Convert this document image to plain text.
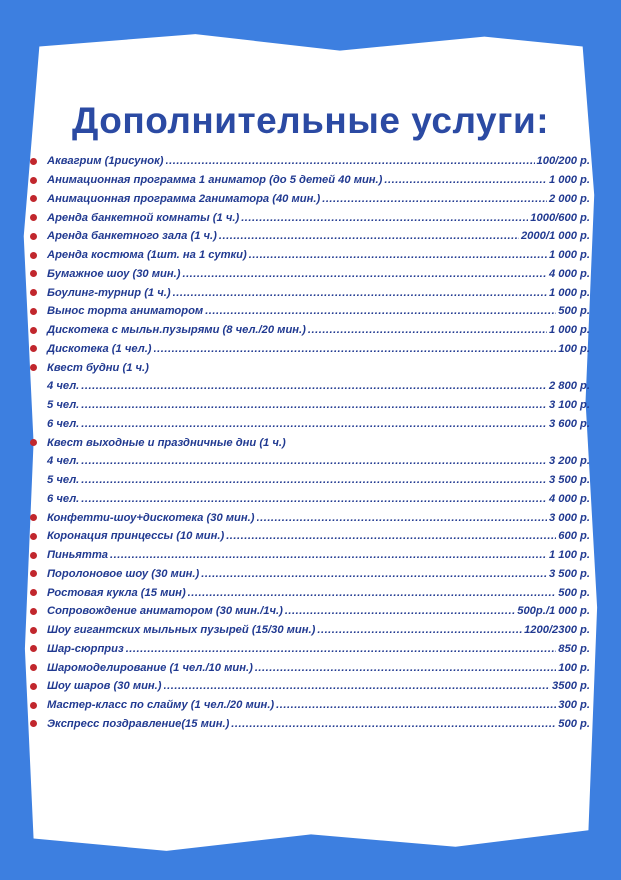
Дополнительные услуги:
Аквагрим (1рисунок) .....	100/200 р.
Анимационная программа 1 аниматор (до 5 детей 40 мин.) .....	1 000 р.
Анимационная программа 2аниматора (40 мин.) .....	2 000 р.
Аренда банкетной комнаты (1 ч.) .....	1000/600 р.
Аренда банкетного зала (1 ч.) .....	2000/1 000 р.
Аренда костюма (1шт. на 1 сутки) .....	1 000 р.
Бумажное шоу (30 мин.) .....	4 000 р.
Боулинг-турнир (1 ч.) .....	1 000 р.
Вынос торта аниматором .....	500 р.
Дискотека с мыльн.пузырями (8 чел./20 мин.) .....	1 000 р.
Дискотека (1 чел.) .....	100 р.
Квест будни (1 ч.)
4 чел. .....	2 800 р.
5 чел. .....	3 100 р.
6 чел. .....	3 600 р.
Квест выходные и праздничные дни (1 ч.)
4 чел. .....	3 200 р.
5 чел. .....	3 500 р.
6 чел. .....	4 000 р.
Конфетти-шоу+дискотека (30 мин.) .....	3 000 р.
Коронация принцессы (10 мин.) .....	600 р.
Пиньятта .....	1 100 р.
Поролоновое шоу (30 мин.) .....	3 500 р.
Ростовая кукла (15 мин) .....	500 р.
Сопровождение аниматором (30 мин./1ч.) .....	500р./1 000 р.
Шоу гигантских мыльных пузырей (15/30 мин.) .....	1200/2300 р.
Шар-сюрприз .....	850 р.
Шаромоделирование (1 чел./10 мин.) .....	100 р.
Шоу шаров (30 мин.) .....	3500 р.
Мастер-класс по слайму (1 чел./20 мин.) .....	300 р.
Экспресс поздравление(15 мин.) .....	500 р.
